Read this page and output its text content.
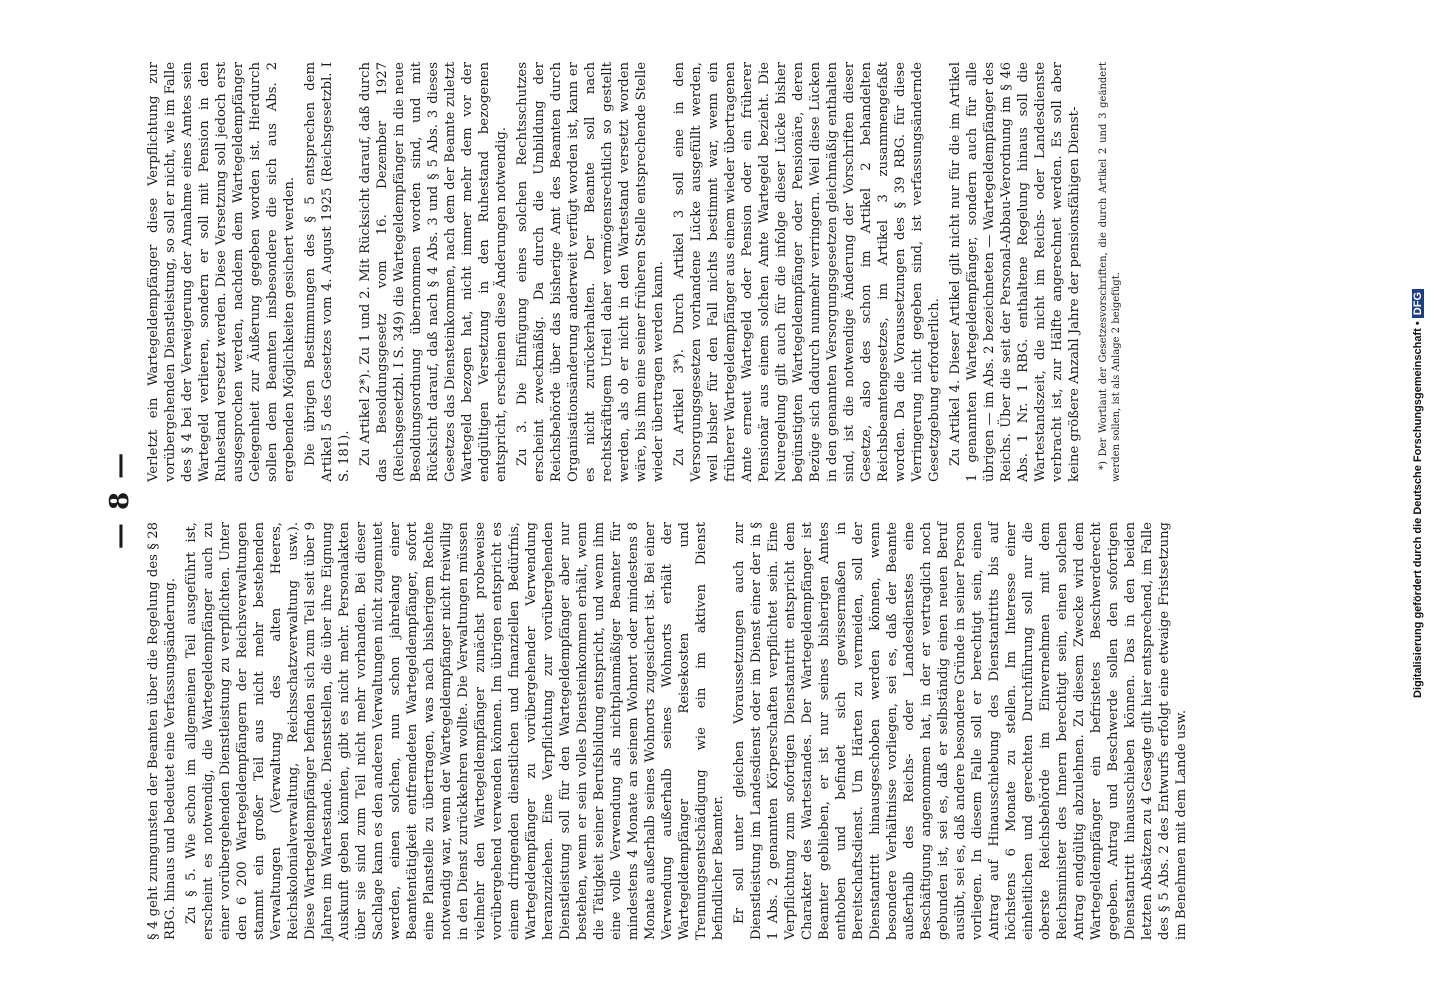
— 8 —

§ 4 geht zumgunsten der Beamten über die Regelung des § 28 RBG. hinaus und bedeutet eine Verfassungsänderung. Zu § 5. Wie schon im allgemeinen Teil ausgeführt ist, erscheint es notwendig, die Wartegeldempfänger auch zu einer vorübergehenden Dienstleistung zu verpflichten. Unter den 6 200 Wartegeldempfängern der Reichsverwaltungen stammt ein großer Teil aus nicht mehr bestehenden Verwaltungen (Verwaltung des alten Heeres, Reichskolonialverwaltung, Reichsschatzverwaltung usw.). Diese Wartegeldempfänger befinden sich zum Teil seit über 9 Jahren im Wartestande. Dienststellen, die über ihre Eignung Auskunft geben könnten, gibt es nicht mehr. Personalakten über sie sind zum Teil nicht mehr vorhanden. Bei dieser Sachlage kann es den anderen Verwaltungen nicht zugemutet werden, einen solchen, nun schon jahrelang einer Beamtentätigkeit entfremdeten Wartegeldempfänger, sofort eine Planstelle zu übertragen, was nach bisherigem Rechte notwendig war, wenn der Wartegeldempfänger nicht freiwillig in den Dienst zurückkehren wollte. Die Verwaltungen müssen vielmehr den Wartegeldempfänger zunächst probeweise vorübergehend verwenden können. Im übrigen entspricht es einem dringenden dienstlichen und finanziellen Bedürfnis, Wartegeldempfänger zu vorübergehender Verwendung heranzuziehen. Eine Verpflichtung zur vorübergehenden Dienstleistung soll für den Wartegeldempfänger aber nur bestehen, wenn er sein volles Diensteinkommen erhält, wenn die Tätigkeit seiner Berufsbildung entspricht, und wenn ihm eine volle Verwendung als nichtplanmäßiger Beamter für mindestens 4 Monate an seinem Wohnort oder mindestens 8 Monate außerhalb seines Wohnorts zugesichert ist. Bei einer Verwendung außerhalb seines Wohnorts erhält der Wartegeldempfänger Reisekosten und Trennungsentschädigung wie ein im aktiven Dienst befindlicher Beamter. Er soll unter gleichen Voraussetzungen auch zur Dienstleistung im Landesdienst oder im Dienst einer der in § 1 Abs. 2 genannten Körperschaften verpflichtet sein. Eine Verpflichtung zum sofortigen Dienstantritt entspricht dem Charakter des Wartestandes. Der Wartegeldempfänger ist Beamter geblieben, er ist nur seines bisherigen Amtes enthoben und befindet sich gewissermaßen in Bereitschaftsdienst. Um Härten zu vermeiden, soll der Dienstantritt hinausgeschoben werden können, wenn besondere Verhältnisse vorliegen, sei es, daß der Beamte außerhalb des Reichs- oder Landesdienstes eine Beschäftigung angenommen hat, in der er vertraglich noch gebunden ist, sei es, daß er selbständig einen neuen Beruf ausübt, sei es, daß andere besondere Gründe in seiner Person vorliegen. In diesem Falle soll er berechtigt sein, einen Antrag auf Hinausschiebung des Dienstantritts bis auf höchstens 6 Monate zu stellen. Im Interesse einer einheitlichen und gerechten Durchführung soll nur die oberste Reichsbehörde im Einvernehmen mit dem Reichsminister des Innern berechtigt sein, einen solchen Antrag endgültig abzulehnen. Zu diesem Zwecke wird dem Wartegeldempfänger ein befristetes Beschwerderecht gegeben. Antrag und Beschwerde sollen den sofortigen Dienstantritt hinausschieben können. Das in den beiden letzten Absätzen zu 4 Gesagte gilt hier entsprechend, im Falle des § 5 Abs. 2 des Entwurfs erfolgt eine etwaige Fristsetzung im Benehmen mit dem Lande usw.

Verletzt ein Wartegeldempfänger diese Verpflichtung zur vorübergehenden Dienstleistung, so soll er nicht, wie im Falle des § 4 bei der Verweigerung der Annahme eines Amtes sein Wartegeld verlieren, sondern er soll mit Pension in den Ruhestand versetzt werden. Diese Versetzung soll jedoch erst ausgesprochen werden, nachdem dem Wartegeldempfänger Gelegenheit zur Äußerung gegeben worden ist. Hierdurch sollen dem Beamten insbesondere die sich aus Abs. 2 ergebenden Möglichkeiten gesichert werden. Die übrigen Bestimmungen des § 5 entsprechen dem Artikel 5 des Gesetzes vom 4. August 1925 (Reichsgesetzbl. I S. 181). Zu Artikel 2*). Zu 1 und 2. Mit Rücksicht darauf, daß durch das Besoldungsgesetz vom 16. Dezember 1927 (Reichsgesetzbl. I S. 349) die Wartegeldempfänger in die neue Besoldungsordnung übernommen worden sind, und mit Rücksicht darauf, daß nach § 4 Abs. 3 und § 5 Abs. 3 dieses Gesetzes das Diensteinkommen, nach dem der Beamte zuletzt Wartegeld bezogen hat, nicht immer mehr dem vor der endgültigen Versetzung in den Ruhestand bezogenen entspricht, erscheinen diese Änderungen notwendig. Zu 3. Die Einfügung eines solchen Rechtsschutzes erscheint zweckmäßig. Da durch die Umbildung der Reichsbehörde über das bisherige Amt des Beamten durch Organisationsänderung anderweit verfügt worden ist, kann er es nicht zurückerhalten. Der Beamte soll nach rechtskräftigem Urteil daher vermögensrechtlich so gestellt werden, als ob er nicht in den Wartestand versetzt worden wäre, bis ihm eine seiner früheren Stelle entsprechende Stelle wieder übertragen werden kann. Zu Artikel 3*). Durch Artikel 3 soll eine in den Versorgungsgesetzen vorhandene Lücke ausgefüllt werden, weil bisher für den Fall nichts bestimmt war, wenn ein früherer Wartegeldempfänger aus einem wieder übertragenen Amte erneut Wartegeld oder Pension oder ein früherer Pensionär aus einem solchen Amte Wartegeld bezieht. Die Neuregelung gilt auch für die infolge dieser Lücke bisher begünstigten Wartegeldempfänger oder Pensionäre, deren Bezüge sich dadurch nunmehr verringern. Weil diese Lücken in den genannten Versorgungsgesetzen gleichmäßig enthalten sind, ist die notwendige Änderung der Vorschriften dieser Gesetze, also des schon im Artikel 2 behandelten Reichsbeamtengesetzes, im Artikel 3 zusammengefaßt worden. Da die Voraussetzungen des § 39 RBG. für diese Verringerung nicht gegeben sind, ist verfassungsändernde Gesetzgebung erforderlich. Zu Artikel 4. Dieser Artikel gilt nicht nur für die im Artikel 1 genannten Wartegeldempfänger, sondern auch für alle übrigen — im Abs. 2 bezeichneten — Wartegeldempfänger des Reichs. Über die seit der Personal-Abbau-Verordnung im § 46 Abs. 1 Nr. 1 RBG. enthaltene Regelung hinaus soll die Wartestandszeit, die nicht im Reichs- oder Landesdienste verbracht ist, zur Hälfte angerechnet werden. Es soll aber keine größere Anzahl Jahre der pensionsfähigen Dienst- *) Der Wortlaut der Gesetzesvorschriften, die durch Artikel 2 und 3 geändert werden sollen, ist als Anlage 2 beigefügt.	Digitalisierung gefördert durch die Deutsche Forschungsgemeinschaft • DFG
